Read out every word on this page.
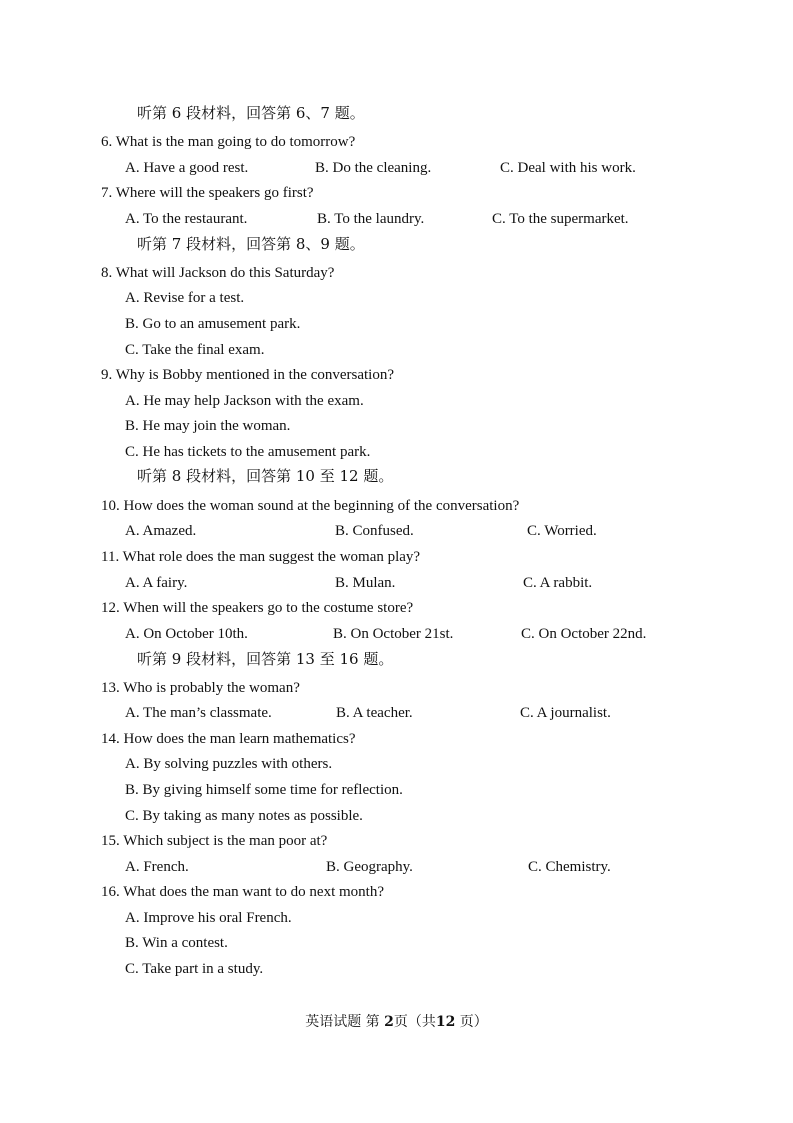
听第 6 段材料，回答第 6、7 题。
6. What is the man going to do tomorrow?
A. Have a good rest.	B. Do the cleaning.	C. Deal with his work.
7. Where will the speakers go first?
A. To the restaurant.	B. To the laundry.	C. To the supermarket.
听第 7 段材料，回答第 8、9 题。
8. What will Jackson do this Saturday?
A. Revise for a test.
B. Go to an amusement park.
C. Take the final exam.
9. Why is Bobby mentioned in the conversation?
A. He may help Jackson with the exam.
B. He may join the woman.
C. He has tickets to the amusement park.
听第 8 段材料，回答第 10 至 12 题。
10. How does the woman sound at the beginning of the conversation?
A. Amazed.	B. Confused.	C. Worried.
11. What role does the man suggest the woman play?
A. A fairy.	B. Mulan.	C. A rabbit.
12. When will the speakers go to the costume store?
A. On October 10th.	B. On October 21st.	C. On October 22nd.
听第 9 段材料，回答第 13 至 16 题。
13. Who is probably the woman?
A. The man’s classmate.	B. A teacher.	C. A journalist.
14. How does the man learn mathematics?
A. By solving puzzles with others.
B. By giving himself some time for reflection.
C. By taking as many notes as possible.
15. Which subject is the man poor at?
A. French.	B. Geography.	C. Chemistry.
16. What does the man want to do next month?
A. Improve his oral French.
B. Win a contest.
C. Take part in a study.
英语试题 第 2页（共12 页）
